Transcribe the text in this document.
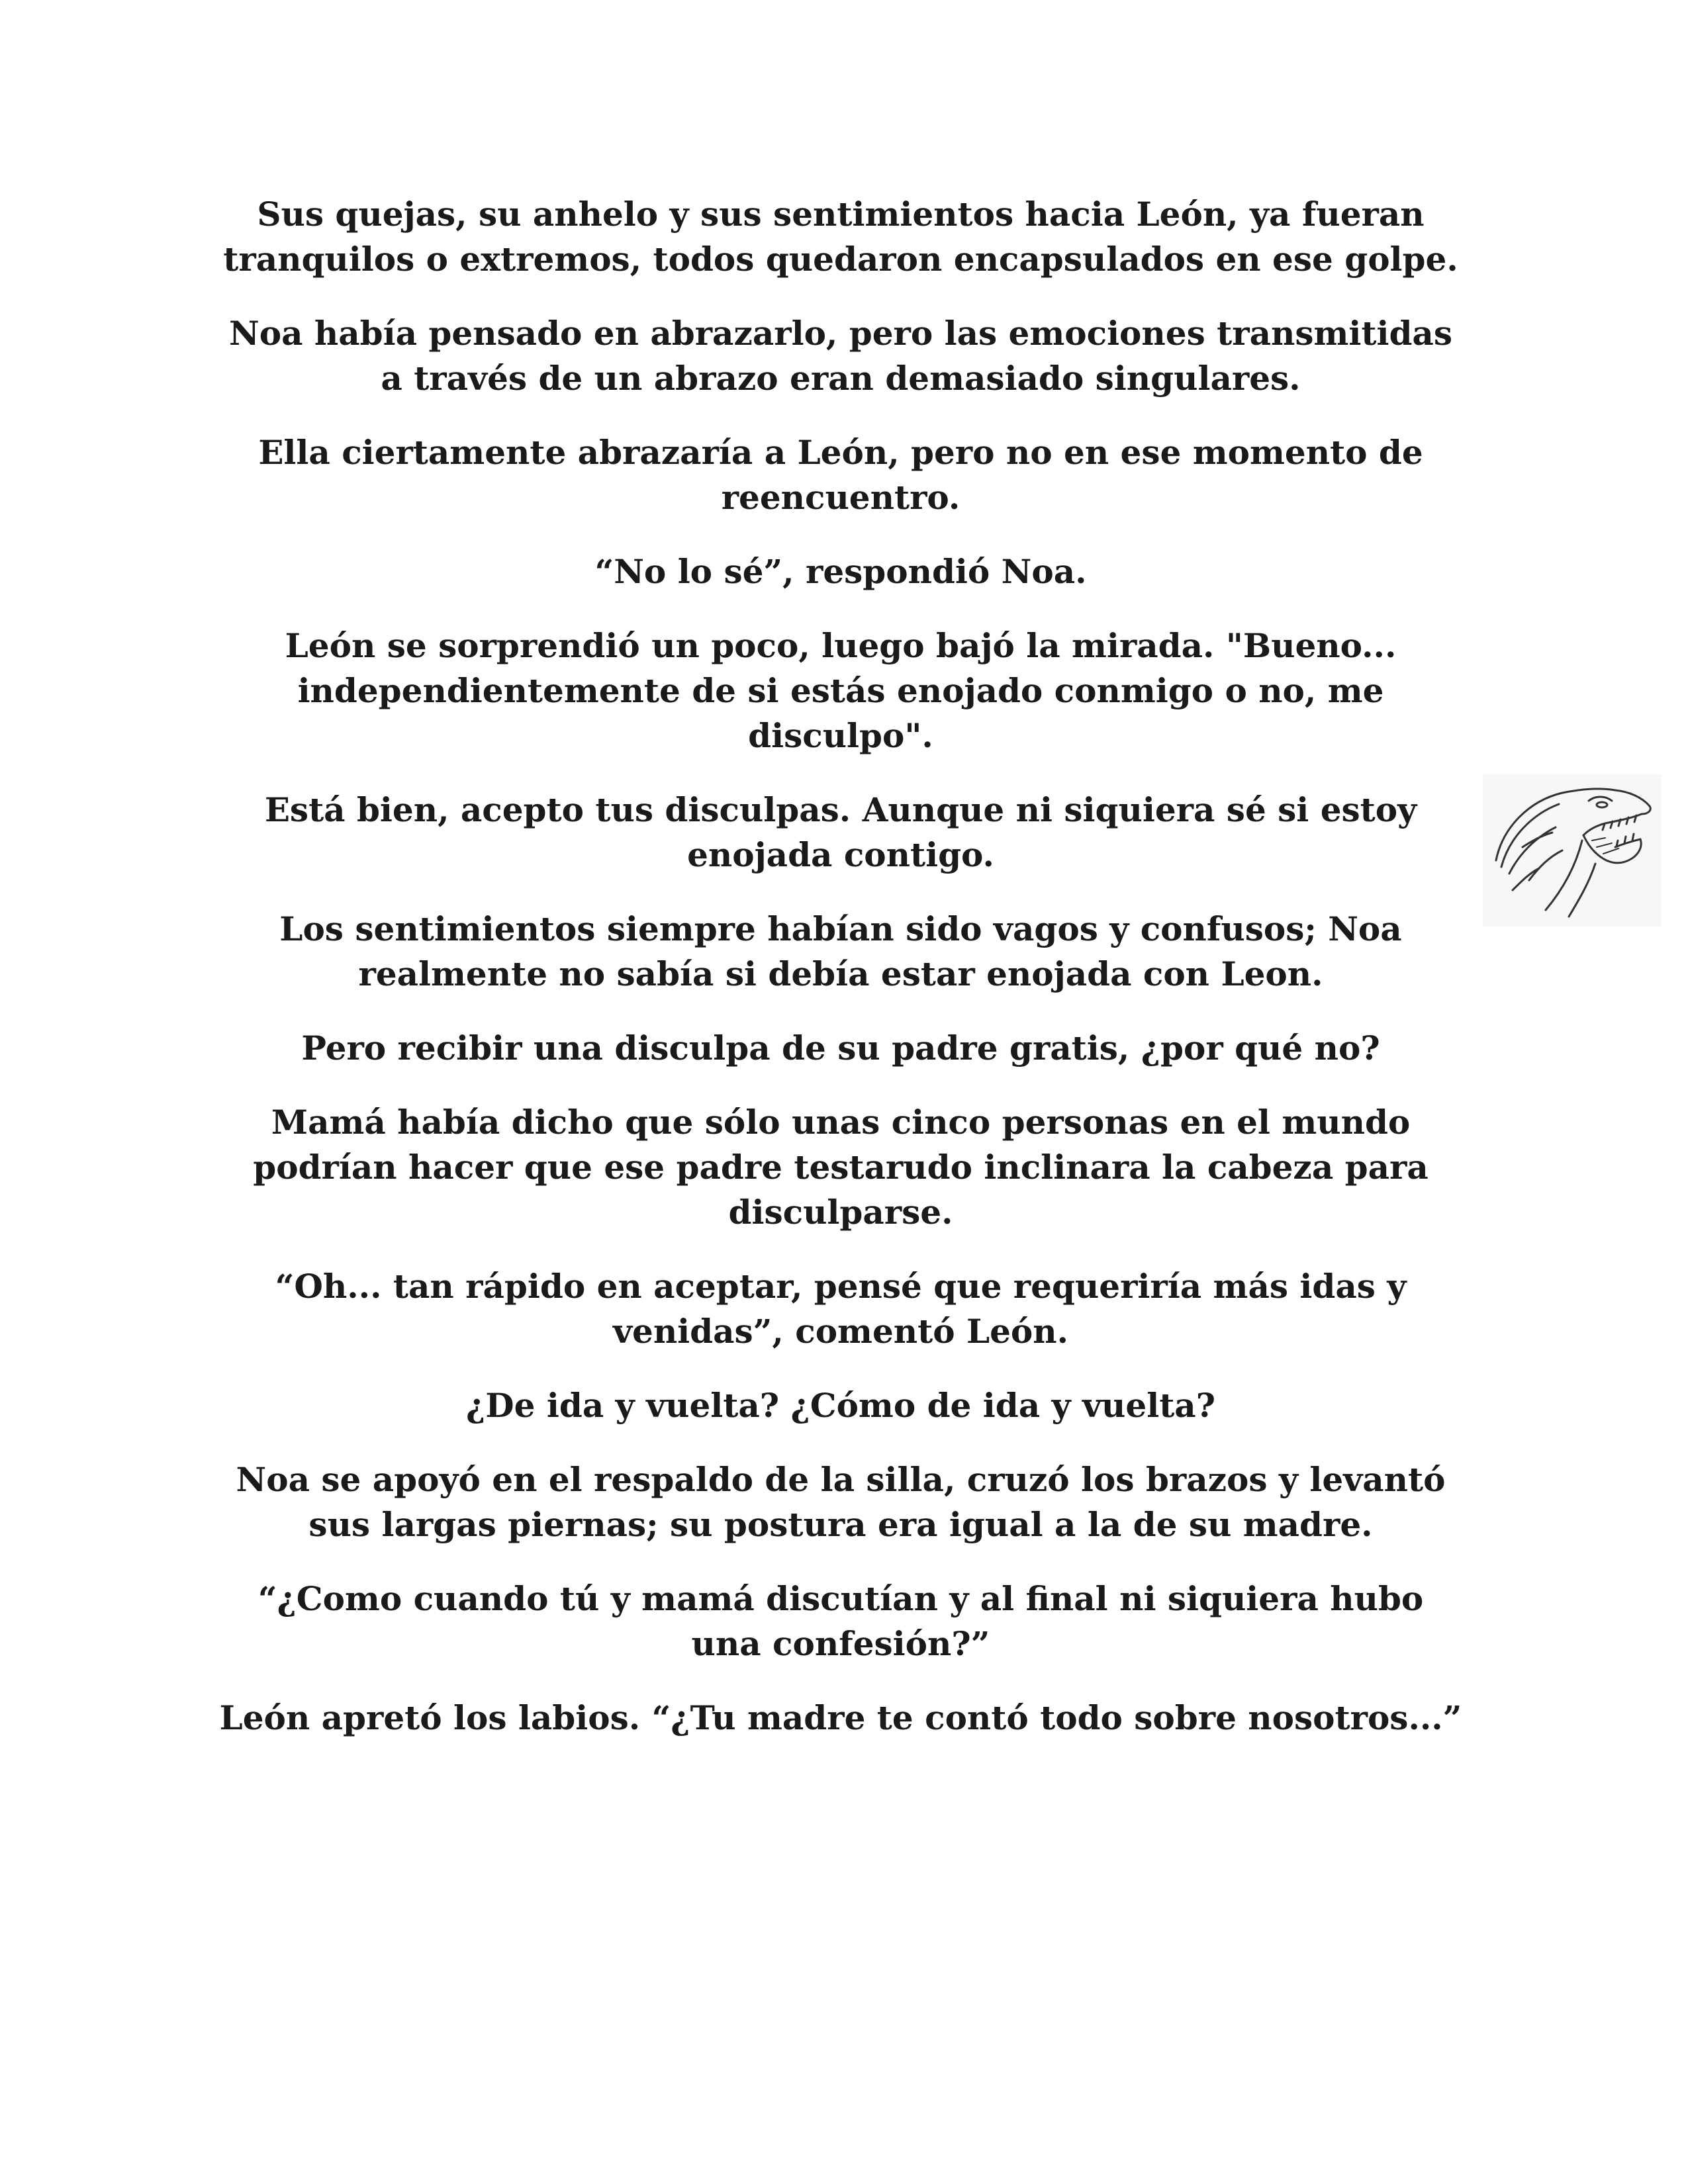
Sus quejas, su anhelo y sus sentimientos hacia León, ya fueran tranquilos o extremos, todos quedaron encapsulados en ese golpe.

Noa había pensado en abrazarlo, pero las emociones transmitidas a través de un abrazo eran demasiado singulares.

Ella ciertamente abrazaría a León, pero no en ese momento de reencuentro.

“No lo sé”, respondió Noa.

León se sorprendió un poco, luego bajó la mirada. "Bueno... independientemente de si estás enojado conmigo o no, me disculpo".

Está bien, acepto tus disculpas. Aunque ni siquiera sé si estoy enojada contigo.

Los sentimientos siempre habían sido vagos y confusos; Noa realmente no sabía si debía estar enojada con Leon.

Pero recibir una disculpa de su padre gratis, ¿por qué no?

Mamá había dicho que sólo unas cinco personas en el mundo podrían hacer que ese padre testarudo inclinara la cabeza para disculparse.

“Oh... tan rápido en aceptar, pensé que requeriría más idas y venidas”, comentó León.

¿De ida y vuelta? ¿Cómo de ida y vuelta?

Noa se apoyó en el respaldo de la silla, cruzó los brazos y levantó sus largas piernas; su postura era igual a la de su madre.

“¿Como cuando tú y mamá discutían y al final ni siquiera hubo una confesión?”

León apretó los labios. “¿Tu madre te contó todo sobre nosotros...”
